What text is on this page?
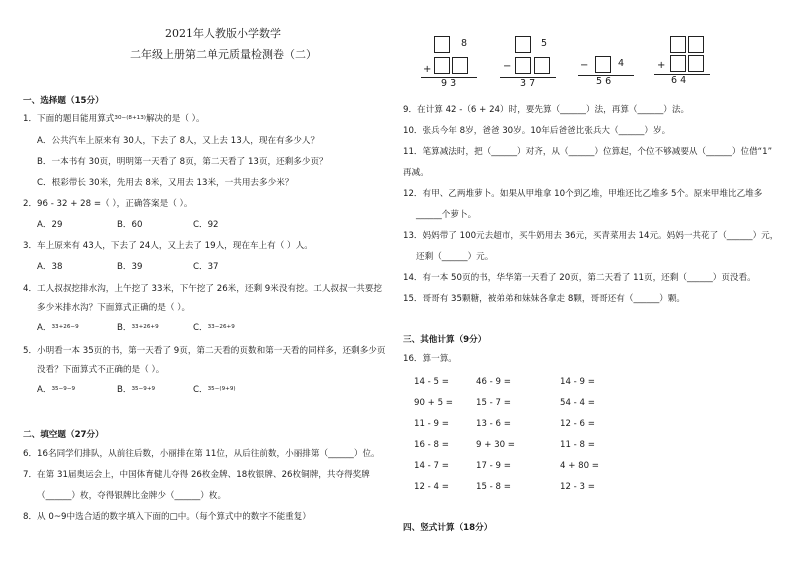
2021年人教版小学数学
二年级上册第二单元质量检测卷（二）
一、选择题（15分）
1．下面的题目能用算式$^{30-(8+13)}$解决的是（ ）。
A．公共汽车上原来有 30人，下去了 8人，又上去 13人，现在有多少人？
B．一本书有 30页，明明第一天看了 8页，第二天看了 13页，还剩多少页？
C．根彩带长 30米，先用去 8米，又用去 13米，一共用去多少米？
2．96 - 32 + 28 =（ ），正确答案是（ ）。
A．29	B．60	C．92
3．车上原来有 43人，下去了 24人，又上去了 19人，现在车上有（ ）人。
A．38	B．39	C．37
4．工人叔叔挖排水沟，上午挖了 33米，下午挖了 26米，还剩 9米没有挖。工人叔叔一共要挖
多少米排水沟？下面算式正确的是（ ）。
A．$^{33+26-9}$	B．$^{33+26+9}$	C．$^{33-26+9}$
5．小明看一本 35页的书，第一天看了 9页，第二天看的页数和第一天看的同样多，还剩多少页
没看？下面算式不正确的是（ ）。
A．$^{35-9-9}$	B．$^{35-9+9}$	C．$^{35-(9+9)}$
二、填空题（27分）
6．16名同学们排队，从前往后数，小丽排在第 11位，从后往前数，小丽排第（______）位。
7．在第 31届奥运会上，中国体育健儿夺得 26枚金牌、18枚银牌、26枚铜牌，共夺得奖牌
（______）枚，夺得银牌比金牌少（______）枚。
8．从 0~9中选合适的数字填入下面的□中。（每个算式中的数字不能重复）
8
+
9 3
5
−
3 7
4
−
5 6
+
6 4
9．在计算 42 -（6 + 24）时，要先算（______）法，再算（______）法。
10．张兵今年 8岁，爸爸 30岁。10年后爸爸比张兵大（______）岁。
11．笔算减法时，把（______）对齐，从（______）位算起，个位不够减要从（______）位借“1”
再减。
12．有甲、乙两堆萝卜。如果从甲堆拿 10个到乙堆，甲堆还比乙堆多 5个。原来甲堆比乙堆多
______个萝卜。
13．妈妈带了 100元去超市，买牛奶用去 36元，买青菜用去 14元。妈妈一共花了（______）元，
还剩（______）元。
14．有一本 50页的书，华华第一天看了 20页，第二天看了 11页，还剩（______）页没看。
15．哥哥有 35颗糖，被弟弟和妹妹各拿走 8颗，哥哥还有（______）颗。
三、其他计算（9分）
16．算一算。
14 - 5 =	46 - 9 =	14 - 9 =
90 + 5 =	15 - 7 =	54 - 4 =
11 - 9 =	13 - 6 =	12 - 6 =
16 - 8 =	9 + 30 =	11 - 8 =
14 - 7 =	17 - 9 =	4 + 80 =
12 - 4 =	15 - 8 =	12 - 3 =
四、竖式计算（18分）
